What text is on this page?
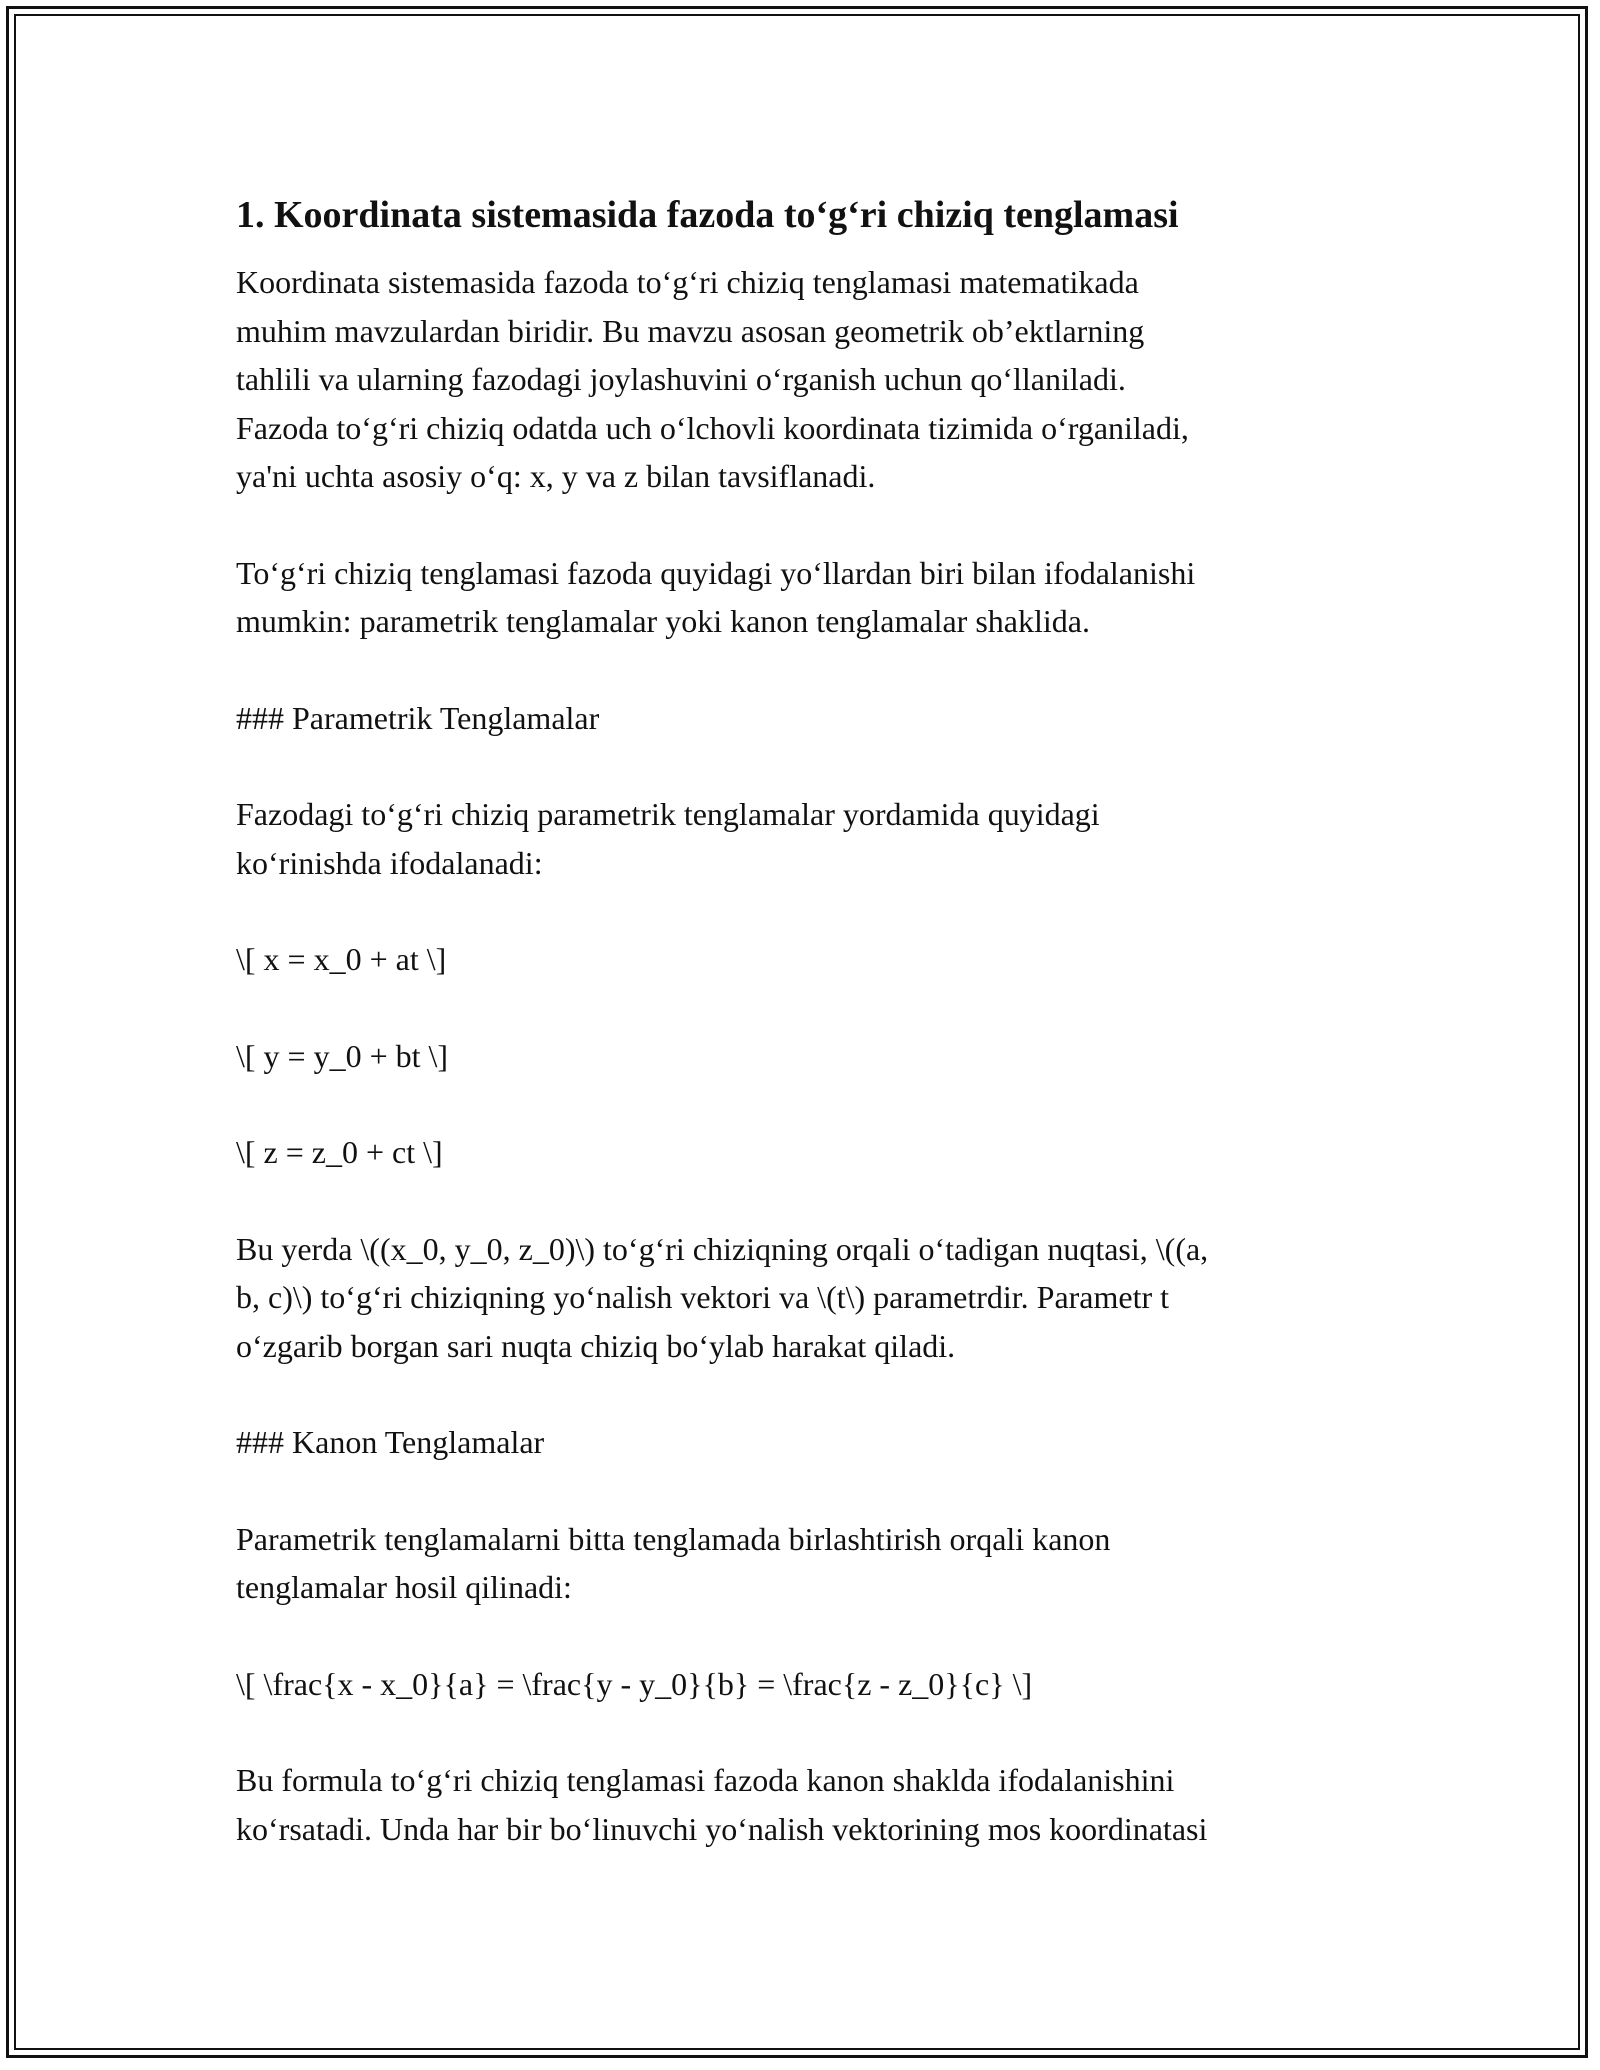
1. Koordinata sistemasida fazoda to‘g‘ri chiziq tenglamasi

Koordinata sistemasida fazoda to‘g‘ri chiziq tenglamasi matematikada
muhim mavzulardan biridir. Bu mavzu asosan geometrik ob’ektlarning
tahlili va ularning fazodagi joylashuvini o‘rganish uchun qo‘llaniladi.
Fazoda to‘g‘ri chiziq odatda uch o‘lchovli koordinata tizimida o‘rganiladi,
ya'ni uchta asosiy o‘q: x, y va z bilan tavsiflanadi.

To‘g‘ri chiziq tenglamasi fazoda quyidagi yo‘llardan biri bilan ifodalanishi
mumkin: parametrik tenglamalar yoki kanon tenglamalar shaklida.

### Parametrik Tenglamalar

Fazodagi to‘g‘ri chiziq parametrik tenglamalar yordamida quyidagi
ko‘rinishda ifodalanadi:

\[ x = x_0 + at \]

\[ y = y_0 + bt \]

\[ z = z_0 + ct \]

Bu yerda \((x_0, y_0, z_0)\) to‘g‘ri chiziqning orqali o‘tadigan nuqtasi, \((a,
b, c)\) to‘g‘ri chiziqning yo‘nalish vektori va \(t\) parametrdir. Parametr t
o‘zgarib borgan sari nuqta chiziq bo‘ylab harakat qiladi.

### Kanon Tenglamalar

Parametrik tenglamalarni bitta tenglamada birlashtirish orqali kanon
tenglamalar hosil qilinadi:

\[ \frac{x - x_0}{a} = \frac{y - y_0}{b} = \frac{z - z_0}{c} \]

Bu formula to‘g‘ri chiziq tenglamasi fazoda kanon shaklda ifodalanishini
ko‘rsatadi. Unda har bir bo‘linuvchi yo‘nalish vektorining mos koordinatasi
